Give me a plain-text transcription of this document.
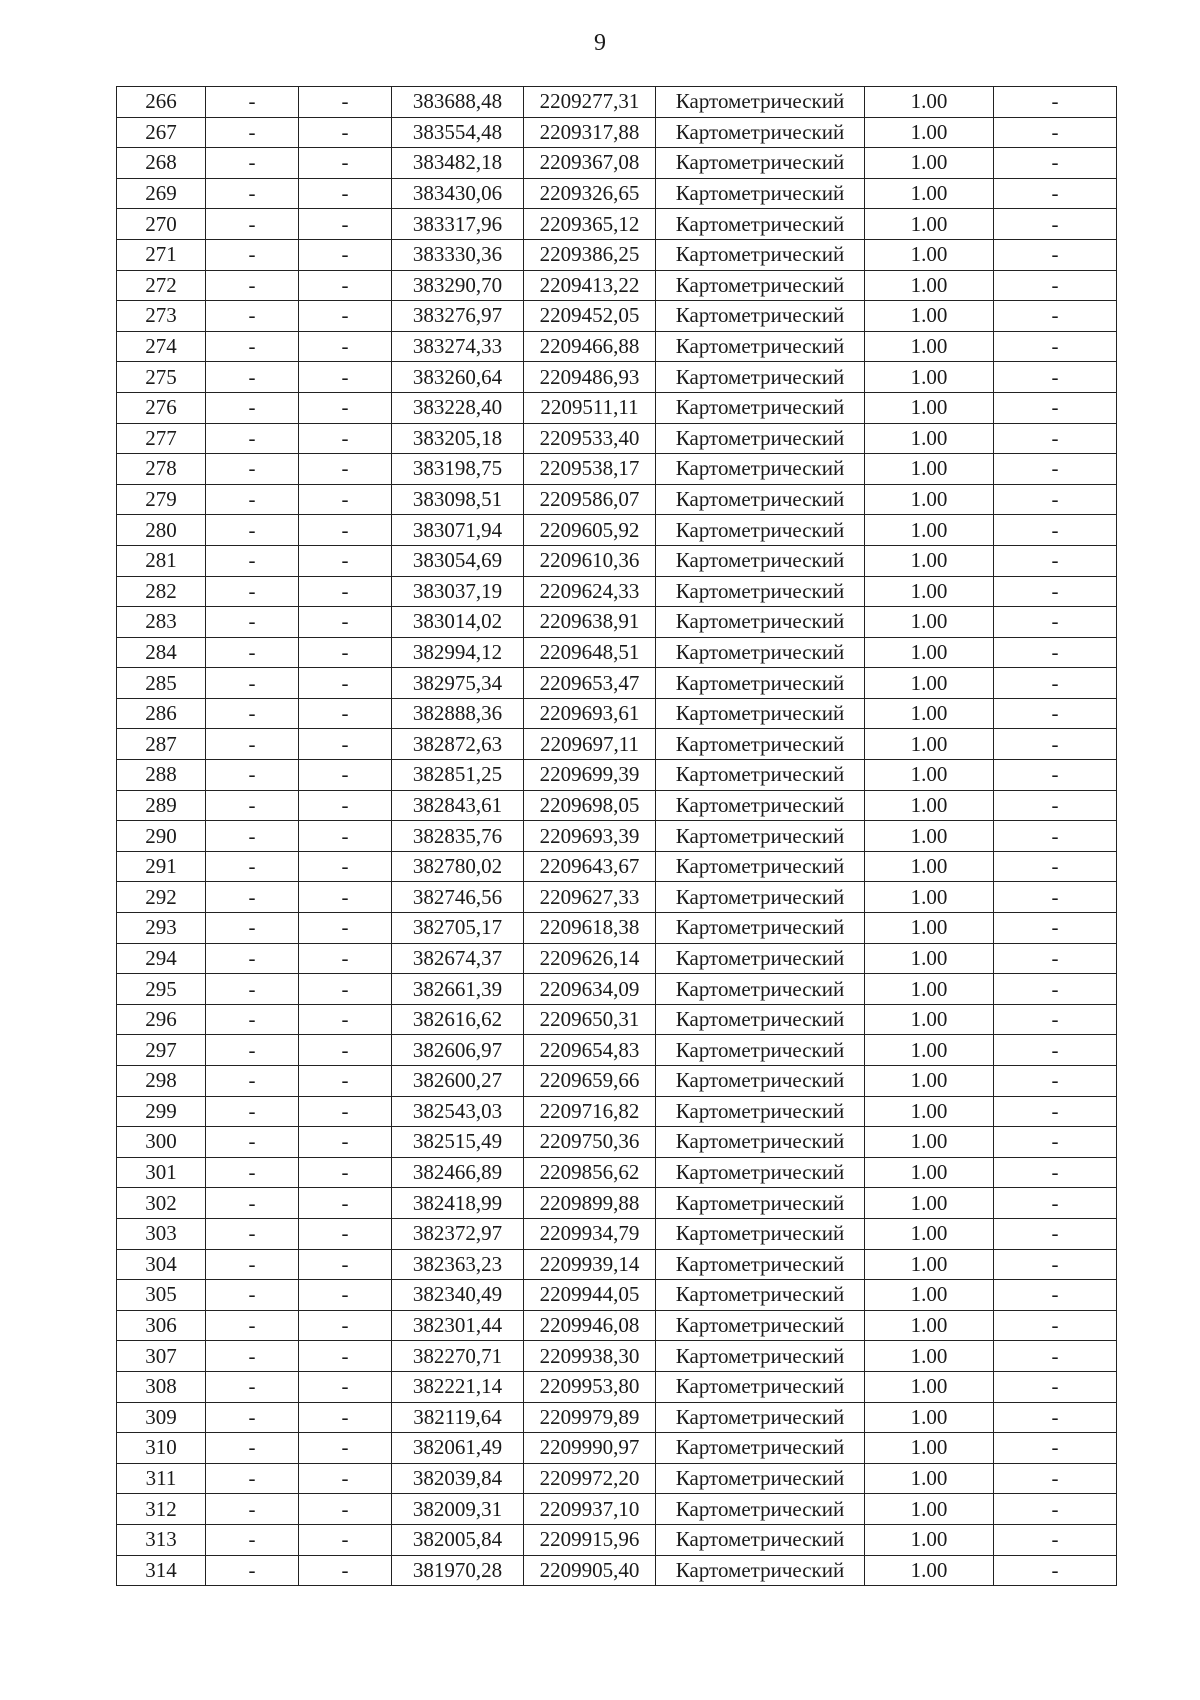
9
266	-	-	383688,48	2209277,31	Картометрический	1.00	-
267	-	-	383554,48	2209317,88	Картометрический	1.00	-
268	-	-	383482,18	2209367,08	Картометрический	1.00	-
269	-	-	383430,06	2209326,65	Картометрический	1.00	-
270	-	-	383317,96	2209365,12	Картометрический	1.00	-
271	-	-	383330,36	2209386,25	Картометрический	1.00	-
272	-	-	383290,70	2209413,22	Картометрический	1.00	-
273	-	-	383276,97	2209452,05	Картометрический	1.00	-
274	-	-	383274,33	2209466,88	Картометрический	1.00	-
275	-	-	383260,64	2209486,93	Картометрический	1.00	-
276	-	-	383228,40	2209511,11	Картометрический	1.00	-
277	-	-	383205,18	2209533,40	Картометрический	1.00	-
278	-	-	383198,75	2209538,17	Картометрический	1.00	-
279	-	-	383098,51	2209586,07	Картометрический	1.00	-
280	-	-	383071,94	2209605,92	Картометрический	1.00	-
281	-	-	383054,69	2209610,36	Картометрический	1.00	-
282	-	-	383037,19	2209624,33	Картометрический	1.00	-
283	-	-	383014,02	2209638,91	Картометрический	1.00	-
284	-	-	382994,12	2209648,51	Картометрический	1.00	-
285	-	-	382975,34	2209653,47	Картометрический	1.00	-
286	-	-	382888,36	2209693,61	Картометрический	1.00	-
287	-	-	382872,63	2209697,11	Картометрический	1.00	-
288	-	-	382851,25	2209699,39	Картометрический	1.00	-
289	-	-	382843,61	2209698,05	Картометрический	1.00	-
290	-	-	382835,76	2209693,39	Картометрический	1.00	-
291	-	-	382780,02	2209643,67	Картометрический	1.00	-
292	-	-	382746,56	2209627,33	Картометрический	1.00	-
293	-	-	382705,17	2209618,38	Картометрический	1.00	-
294	-	-	382674,37	2209626,14	Картометрический	1.00	-
295	-	-	382661,39	2209634,09	Картометрический	1.00	-
296	-	-	382616,62	2209650,31	Картометрический	1.00	-
297	-	-	382606,97	2209654,83	Картометрический	1.00	-
298	-	-	382600,27	2209659,66	Картометрический	1.00	-
299	-	-	382543,03	2209716,82	Картометрический	1.00	-
300	-	-	382515,49	2209750,36	Картометрический	1.00	-
301	-	-	382466,89	2209856,62	Картометрический	1.00	-
302	-	-	382418,99	2209899,88	Картометрический	1.00	-
303	-	-	382372,97	2209934,79	Картометрический	1.00	-
304	-	-	382363,23	2209939,14	Картометрический	1.00	-
305	-	-	382340,49	2209944,05	Картометрический	1.00	-
306	-	-	382301,44	2209946,08	Картометрический	1.00	-
307	-	-	382270,71	2209938,30	Картометрический	1.00	-
308	-	-	382221,14	2209953,80	Картометрический	1.00	-
309	-	-	382119,64	2209979,89	Картометрический	1.00	-
310	-	-	382061,49	2209990,97	Картометрический	1.00	-
311	-	-	382039,84	2209972,20	Картометрический	1.00	-
312	-	-	382009,31	2209937,10	Картометрический	1.00	-
313	-	-	382005,84	2209915,96	Картометрический	1.00	-
314	-	-	381970,28	2209905,40	Картометрический	1.00	-
